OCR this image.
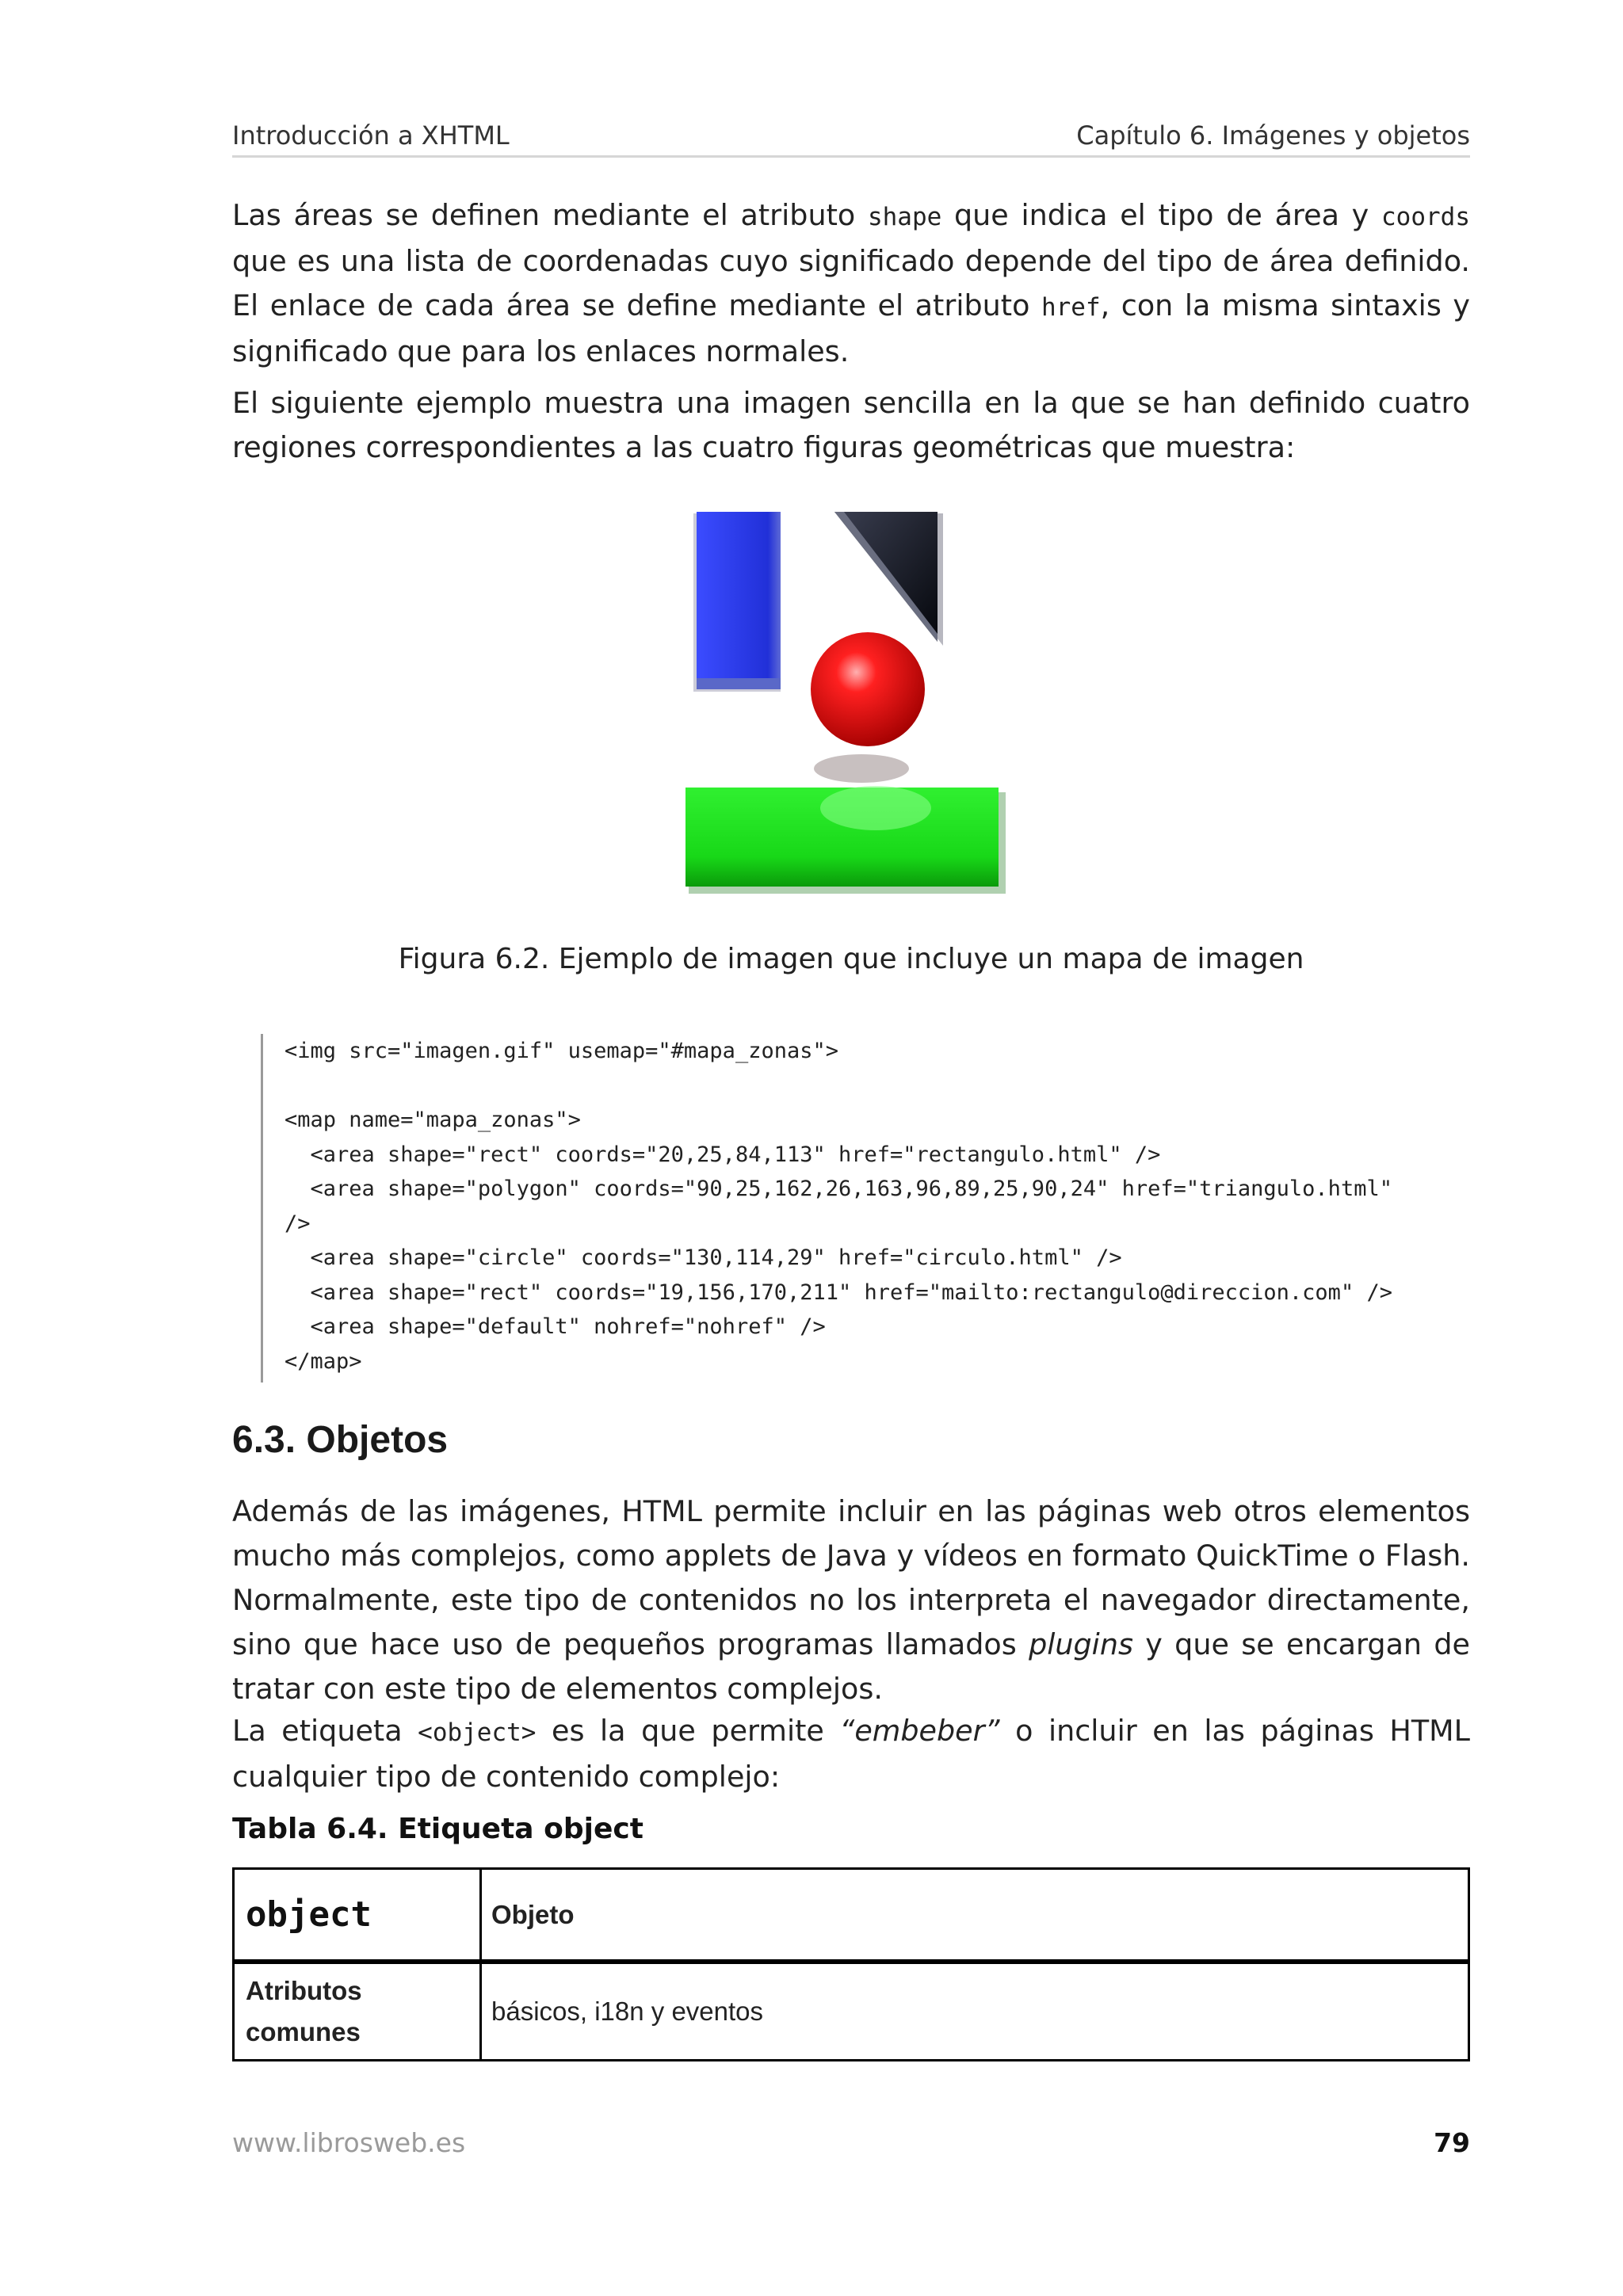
Introducción a XHTML	Capítulo 6. Imágenes y objetos

Las áreas se definen mediante el atributo shape que indica el tipo de área y coords que es una lista de coordenadas cuyo significado depende del tipo de área definido. El enlace de cada área se define mediante el atributo href, con la misma sintaxis y significado que para los enlaces normales.

El siguiente ejemplo muestra una imagen sencilla en la que se han definido cuatro regiones correspondientes a las cuatro figuras geométricas que muestra:

Figura 6.2. Ejemplo de imagen que incluye un mapa de imagen
<img src="imagen.gif" usemap="#mapa_zonas">
<map name="mapa_zonas">
<area shape="rect" coords="20,25,84,113" href="rectangulo.html" />
<area shape="polygon" coords="90,25,162,26,163,96,89,25,90,24" href="triangulo.html"
/>
<area shape="circle" coords="130,114,29" href="circulo.html" />
<area shape="rect" coords="19,156,170,211" href="mailto:rectangulo@direccion.com" />
<area shape="default" nohref="nohref" />
</map>
6.3. Objetos

Además de las imágenes, HTML permite incluir en las páginas web otros elementos mucho más complejos, como applets de Java y vídeos en formato QuickTime o Flash. Normalmente, este tipo de contenidos no los interpreta el navegador directamente, sino que hace uso de pequeños programas llamados plugins y que se encargan de tratar con este tipo de elementos complejos.

La etiqueta <object> es la que permite “embeber” o incluir en las páginas HTML cualquier tipo de contenido complejo:

Tabla 6.4. Etiqueta object
object	Objeto

Atributos comunes	básicos, i18n y eventos
www.librosweb.es	79
